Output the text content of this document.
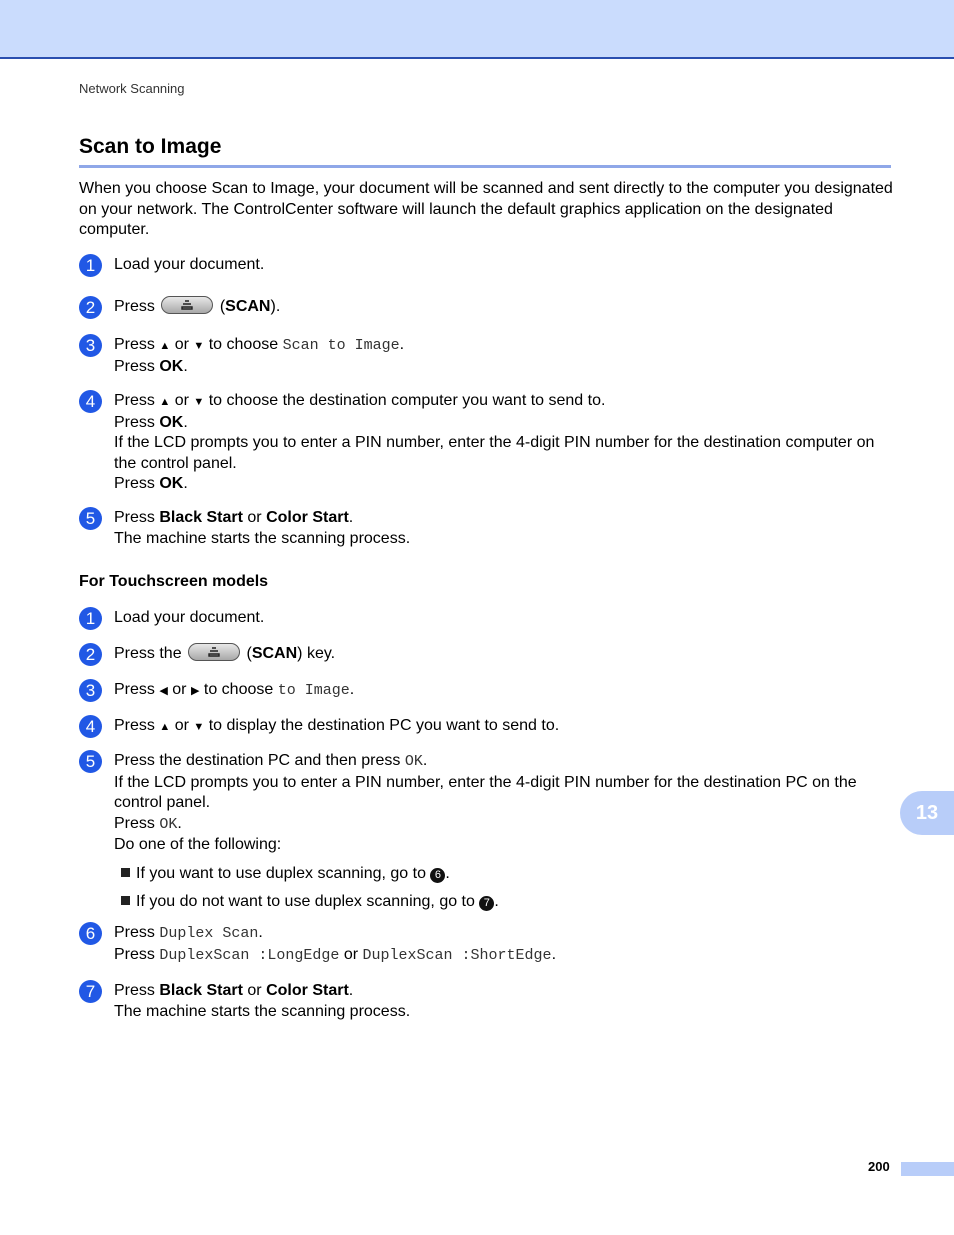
Network Scanning
Scan to Image

When you choose Scan to Image, your document will be scanned and sent directly to the computer you designated on your network. The ControlCenter software will launch the default graphics application on the designated computer.

1	Load your document.
2	Press	(SCAN).
3	Press ▲ or ▼ to choose Scan to Image.
Press OK.
4	Press ▲ or ▼ to choose the destination computer you want to send to.
Press OK.
If the LCD prompts you to enter a PIN number, enter the 4-digit PIN number for the destination computer on the control panel.
Press OK.
5	Press Black Start or Color Start.
The machine starts the scanning process.
For Touchscreen models
1	Load your document.
2	Press the	(SCAN) key.
3	Press ◀ or ▶ to choose to Image.
4	Press ▲ or ▼ to display the destination PC you want to send to.
5	Press the destination PC and then press OK.
If the LCD prompts you to enter a PIN number, enter the 4-digit PIN number for the destination PC on the control panel.
Press OK.
Do one of the following:
If you want to use duplex scanning, go to 6 .
If you do not want to use duplex scanning, go to 7 .
6	Press Duplex Scan.
Press DuplexScan :LongEdge or DuplexScan :ShortEdge.
7	Press Black Start or Color Start.
The machine starts the scanning process.
13
200
